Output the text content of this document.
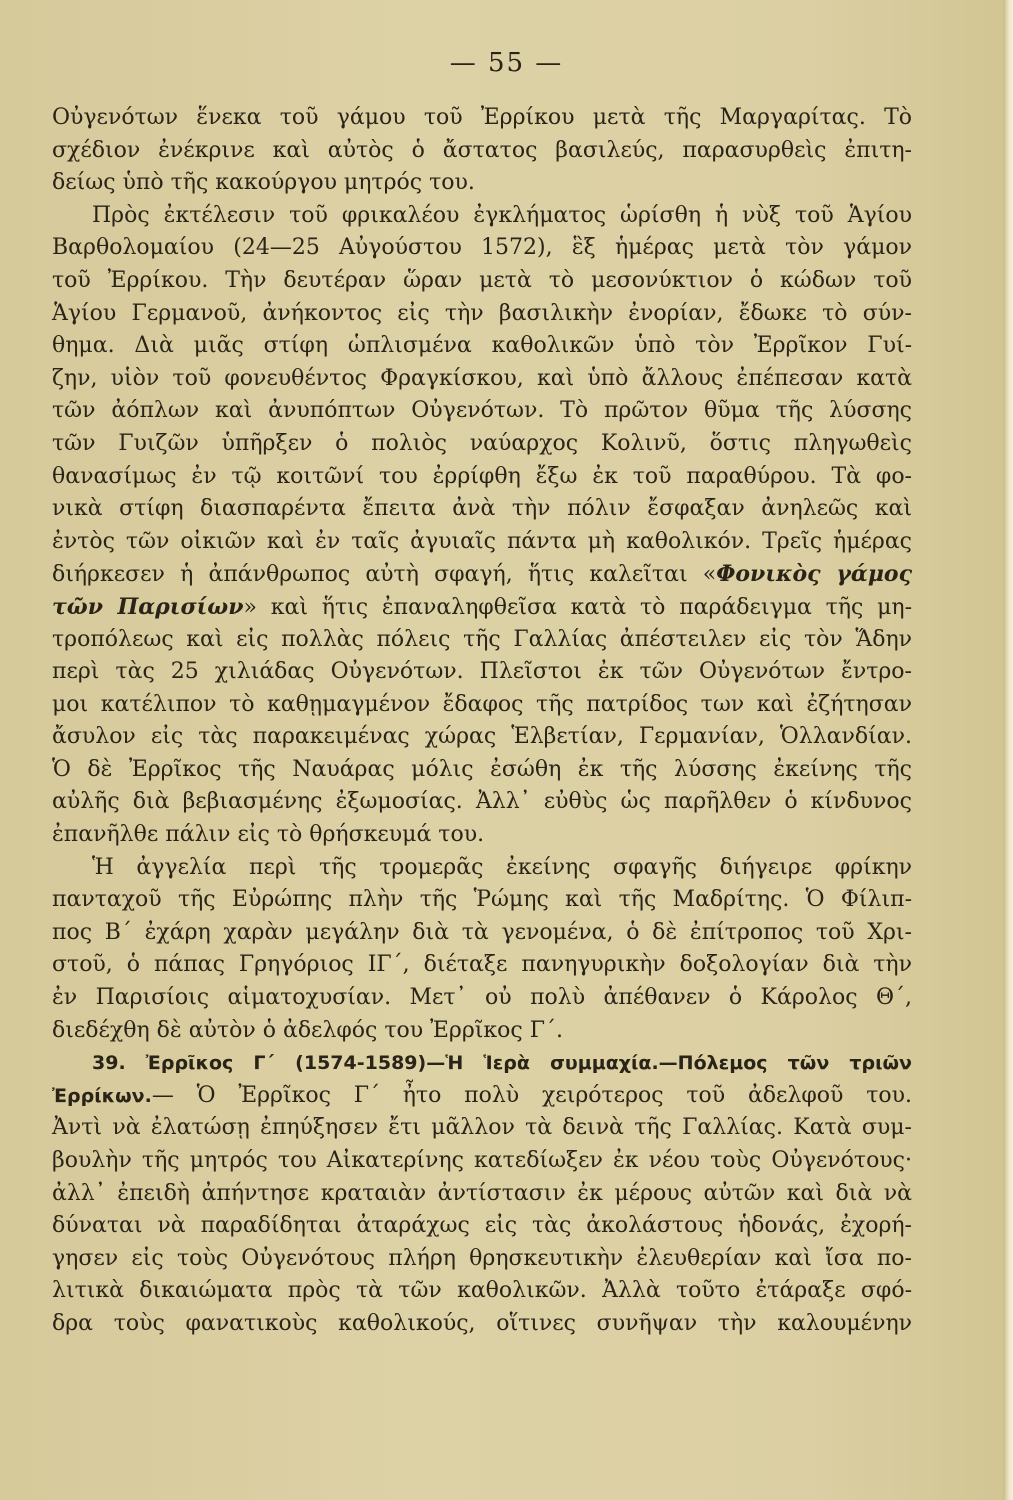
— 55 —
Οὐγενότων ἕνεκα τοῦ γάμου τοῦ Ἐρρίκου μετὰ τῆς Μαργαρίτας. Τὸ
σχέδιον ἐνέκρινε καὶ αὐτὸς ὁ ἄστατος βασιλεύς, παρασυρθεὶς ἐπιτη-
δείως ὑπὸ τῆς κακούργου μητρός του.
Πρὸς ἐκτέλεσιν τοῦ φρικαλέου ἐγκλήματος ὡρίσθη ἡ νὺξ τοῦ Ἁγίου
Βαρθολομαίου (24—25 Αὐγούστου 1572), ἓξ ἡμέρας μετὰ τὸν γάμον
τοῦ Ἐρρίκου. Τὴν δευτέραν ὥραν μετὰ τὸ μεσονύκτιον ὁ κώδων τοῦ
Ἁγίου Γερμανοῦ, ἀνήκοντος εἰς τὴν βασιλικὴν ἐνορίαν, ἔδωκε τὸ σύν-
θημα. Διὰ μιᾶς στίφη ὡπλισμένα καθολικῶν ὑπὸ τὸν Ἐρρῖκον Γυί-
ζην, υἱὸν τοῦ φονευθέντος Φραγκίσκου, καὶ ὑπὸ ἄλλους ἐπέπεσαν κατὰ
τῶν ἀόπλων καὶ ἀνυπόπτων Οὐγενότων. Τὸ πρῶτον θῦμα τῆς λύσσης
τῶν Γυιζῶν ὑπῆρξεν ὁ πολιὸς ναύαρχος Κολινῦ, ὅστις πληγωθεὶς
θανασίμως ἐν τῷ κοιτῶνί του ἐρρίφθη ἔξω ἐκ τοῦ παραθύρου. Τὰ φο-
νικὰ στίφη διασπαρέντα ἔπειτα ἀνὰ τὴν πόλιν ἔσφαξαν ἀνηλεῶς καὶ
ἐντὸς τῶν οἰκιῶν καὶ ἐν ταῖς ἀγυιαῖς πάντα μὴ καθολικόν. Τρεῖς ἡμέρας
διήρκεσεν ἡ ἀπάνθρωπος αὐτὴ σφαγή, ἥτις καλεῖται «Φονικὸς γάμος
τῶν Παρισίων» καὶ ἥτις ἐπαναληφθεῖσα κατὰ τὸ παράδειγμα τῆς μη-
τροπόλεως καὶ εἰς πολλὰς πόλεις τῆς Γαλλίας ἀπέστειλεν εἰς τὸν Ἅδην
περὶ τὰς 25 χιλιάδας Οὐγενότων. Πλεῖστοι ἐκ τῶν Οὐγενότων ἔντρο-
μοι κατέλιπον τὸ καθῃμαγμένον ἔδαφος τῆς πατρίδος των καὶ ἐζήτησαν
ἄσυλον εἰς τὰς παρακειμένας χώρας Ἑλβετίαν, Γερμανίαν, Ὁλλανδίαν.
Ὁ δὲ Ἐρρῖκος τῆς Ναυάρας μόλις ἐσώθη ἐκ τῆς λύσσης ἐκείνης τῆς
αὐλῆς διὰ βεβιασμένης ἐξωμοσίας. Ἀλλ᾽ εὐθὺς ὡς παρῆλθεν ὁ κίνδυνος
ἐπανῆλθε πάλιν εἰς τὸ θρήσκευμά του.
Ἡ ἀγγελία περὶ τῆς τρομερᾶς ἐκείνης σφαγῆς διήγειρε φρίκην
πανταχοῦ τῆς Εὐρώπης πλὴν τῆς Ῥώμης καὶ τῆς Μαδρίτης. Ὁ Φίλιπ-
πος Β´ ἐχάρη χαρὰν μεγάλην διὰ τὰ γενομένα, ὁ δὲ ἐπίτροπος τοῦ Χρι-
στοῦ, ὁ πάπας Γρηγόριος ΙΓ´, διέταξε πανηγυρικὴν δοξολογίαν διὰ τὴν
ἐν Παρισίοις αἱματοχυσίαν. Μετ᾽ οὐ πολὺ ἀπέθανεν ὁ Κάρολος Θ´,
διεδέχθη δὲ αὐτὸν ὁ ἀδελφός του Ἐρρῖκος Γ´.
39. Ἐρρῖκος Γ´ (1574-1589)—Ἡ Ἱερὰ συμμαχία.—Πόλεμος τῶν τριῶν
Ἐρρίκων.— Ὁ Ἐρρῖκος Γ´ ἦτο πολὺ χειρότερος τοῦ ἀδελφοῦ του.
Ἀντὶ νὰ ἐλατώσῃ ἐπηύξησεν ἔτι μᾶλλον τὰ δεινὰ τῆς Γαλλίας. Κατὰ συμ-
βουλὴν τῆς μητρός του Αἰκατερίνης κατεδίωξεν ἐκ νέου τοὺς Οὐγενότους·
ἀλλ᾽ ἐπειδὴ ἀπήντησε κραταιὰν ἀντίστασιν ἐκ μέρους αὐτῶν καὶ διὰ νὰ
δύναται νὰ παραδίδηται ἀταράχως εἰς τὰς ἀκολάστους ἡδονάς, ἐχορή-
γησεν εἰς τοὺς Οὐγενότους πλήρη θρησκευτικὴν ἐλευθερίαν καὶ ἴσα πο-
λιτικὰ δικαιώματα πρὸς τὰ τῶν καθολικῶν. Ἀλλὰ τοῦτο ἐτάραξε σφό-
δρα τοὺς φανατικοὺς καθολικούς, οἵτινες συνῆψαν τὴν καλουμένην
